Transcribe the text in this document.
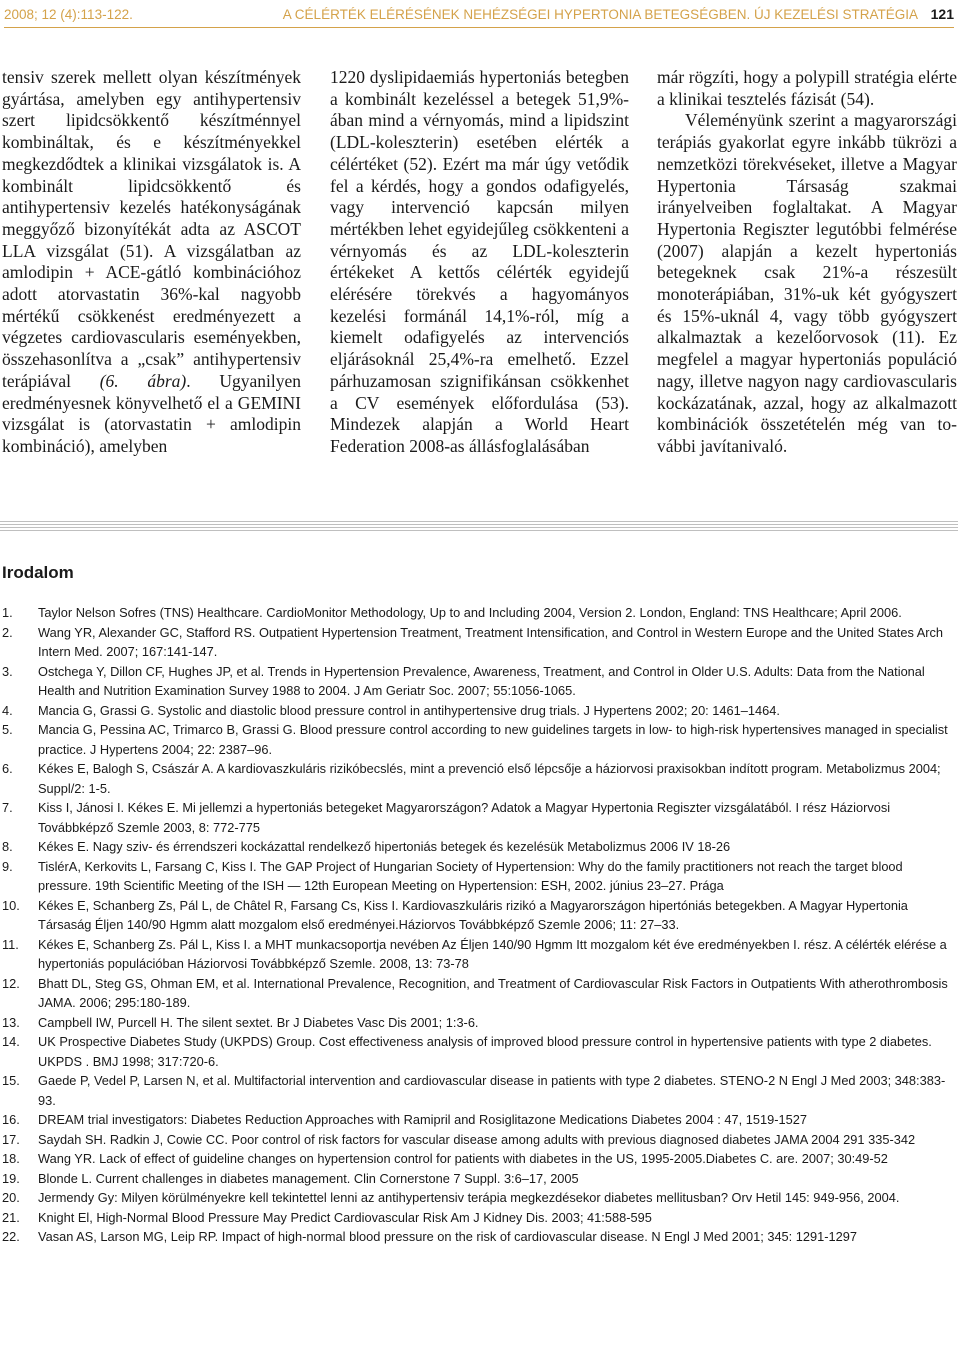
2008; 12 (4):113-122.	A CÉLÉRTÉK ELÉRÉSÉNEK NEHÉZSÉGEI HYPERTONIA BETEGSÉGBEN. ÚJ KEZELÉSI STRATÉGIA 121

tensiv szerek mellett olyan készítmények gyártása, amelyben egy antihypertensiv szert lipidcsökkentő készítménnyel kombináltak, és e készítményekkel megkezdődtek a klinikai vizsgálatok is. A kombinált lipidcsökkentő és antihypertensiv kezelés hatékonyságának meggyőző bizonyítékát adta az ASCOT LLA vizsgálat (51). A vizsgálatban az amlodipin + ACE-gátló kombinációhoz adott atorvastatin 36%-kal nagyobb mértékű csökkenést eredményezett a végzetes cardiovascularis eseményekben, összehasonlítva a „csak” antihypertensiv terápiával (6. ábra). Ugyanilyen eredményesnek könyvelhető el a GEMINI vizsgálat is (atorvastatin + amlodipin kombináció), amelyben

1220 dyslipidaemiás hypertoniás betegben a kombinált kezeléssel a betegek 51,9%-ában mind a vérnyomás, mind a lipidszint (LDL-koleszterin) esetében elérték a célértéket (52). Ezért ma már úgy vetődik fel a kérdés, hogy a gondos odafigyelés, vagy intervenció kapcsán milyen mértékben lehet egyidejűleg csökkenteni a vérnyomás és az LDL-koleszterin értékeket A kettős célérték egyidejű elérésére törekvés a hagyományos kezelési formánál 14,1%-ról, míg a kiemelt odafigyelés az intervenciós eljárásoknál 25,4%-ra emelhető. Ezzel párhuzamosan szignifikánsan csökkenhet a CV események előfordulása (53). Mindezek alapján a World Heart Federation 2008-as állásfoglalásában

már rögzíti, hogy a polypill stratégia elérte a klinikai tesztelés fázisát (54).

Véleményünk szerint a magyarországi terápiás gyakorlat egyre inkább tükrözi a nemzetközi törekvéseket, illetve a Magyar Hypertonia Társaság szakmai irányelveiben foglaltakat. A Magyar Hypertonia Regiszter legutóbbi felmérése (2007) alapján a kezelt hypertoniás betegeknek csak 21%-a részesült monoterápiában, 31%-uk két gyógyszert és 15%-uknál 4, vagy több gyógyszert alkalmaztak a kezelőorvosok (11). Ez megfelel a magyar hypertoniás populáció nagy, illetve nagyon nagy cardiovascularis kockázatának, azzal, hogy az alkalmazott kombinációk összetételén még van további javítanivaló.

Irodalom
1. Taylor Nelson Sofres (TNS) Healthcare. CardioMonitor Methodology, Up to and Including 2004, Version 2. London, England: TNS Healthcare; April 2006.
2. Wang YR, Alexander GC, Stafford RS. Outpatient Hypertension Treatment, Treatment Intensification, and Control in Western Europe and the United States Arch Intern Med. 2007; 167:141-147.
3. Ostchega Y, Dillon CF, Hughes JP, et al. Trends in Hypertension Prevalence, Awareness, Treatment, and Control in Older U.S. Adults: Data from the National Health and Nutrition Examination Survey 1988 to 2004. J Am Geriatr Soc. 2007; 55:1056-1065.
4. Mancia G, Grassi G. Systolic and diastolic blood pressure control in antihypertensive drug trials. J Hypertens 2002; 20: 1461–1464.
5. Mancia G, Pessina AC, Trimarco B, Grassi G. Blood pressure control according to new guidelines targets in low- to high-risk hypertensives managed in specialist practice. J Hypertens 2004; 22: 2387–96.
6. Kékes E, Balogh S, Császár A. A kardiovaszkuláris rizikóbecslés, mint a prevenció első lépcsője a háziorvosi praxisokban indított program. Metabolizmus 2004; Suppl/2: 1-5.
7. Kiss I, Jánosi I. Kékes E. Mi jellemzi a hypertoniás betegeket Magyarországon? Adatok a Magyar Hypertonia Regiszter vizsgálatából. I rész Háziorvosi Továbbképző Szemle 2003, 8: 772-775
8. Kékes E. Nagy sziv- és érrendszeri kockázattal rendelkező hipertoniás betegek és kezelésük Metabolizmus 2006 IV 18-26
9. TislérA, Kerkovits L, Farsang C, Kiss I. The GAP Project of Hungarian Society of Hypertension: Why do the family practitioners not reach the target blood pressure. 19th Scientific Meeting of the ISH — 12th European Meeting on Hypertension: ESH, 2002. június 23–27. Prága
10. Kékes E, Schanberg Zs, Pál L, de Châtel R, Farsang Cs, Kiss I. Kardiovaszkuláris rizikó a Magyarországon hipertóniás betegekben. A Magyar Hypertonia Társaság Éljen 140/90 Hgmm alatt mozgalom első eredményei.Háziorvos Továbbképző Szemle 2006; 11: 27–33.
11. Kékes E, Schanberg Zs. Pál L, Kiss I. a MHT munkacsoportja nevében Az Éljen 140/90 Hgmm Itt mozgalom két éve eredményekben I. rész. A célérték elérése a hypertoniás populációban Háziorvosi Továbbképző Szemle. 2008, 13: 73-78
12. Bhatt DL, Steg GS, Ohman EM, et al. International Prevalence, Recognition, and Treatment of Cardiovascular Risk Factors in Outpatients With atherothrombosis JAMA. 2006; 295:180-189.
13. Campbell IW, Purcell H. The silent sextet. Br J Diabetes Vasc Dis 2001; 1:3-6.
14. UK Prospective Diabetes Study (UKPDS) Group. Cost effectiveness analysis of improved blood pressure control in hypertensive patients with type 2 diabetes. UKPDS . BMJ 1998; 317:720-6.
15. Gaede P, Vedel P, Larsen N, et al. Multifactorial intervention and cardiovascular disease in patients with type 2 diabetes. STENO-2 N Engl J Med 2003; 348:383-93.
16. DREAM trial investigators: Diabetes Reduction Approaches with Ramipril and Rosiglitazone Medications Diabetes 2004 : 47, 1519-1527
17. Saydah SH. Radkin J, Cowie CC. Poor control of risk factors for vascular disease among adults with previous diagnosed diabetes JAMA 2004 291 335-342
18. Wang YR. Lack of effect of guideline changes on hypertension control for patients with diabetes in the US, 1995-2005.Diabetes C. are. 2007; 30:49-52
19. Blonde L. Current challenges in diabetes management. Clin Cornerstone 7 Suppl. 3:6–17, 2005
20. Jermendy Gy: Milyen körülményekre kell tekintettel lenni az antihypertensiv terápia megkezdésekor diabetes mellitusban? Orv Hetil 145: 949-956, 2004.
21. Knight El, High-Normal Blood Pressure May Predict Cardiovascular Risk Am J Kidney Dis. 2003; 41:588-595
22. Vasan AS, Larson MG, Leip RP. Impact of high-normal blood pressure on the risk of cardiovascular disease. N Engl J Med 2001; 345: 1291-1297
